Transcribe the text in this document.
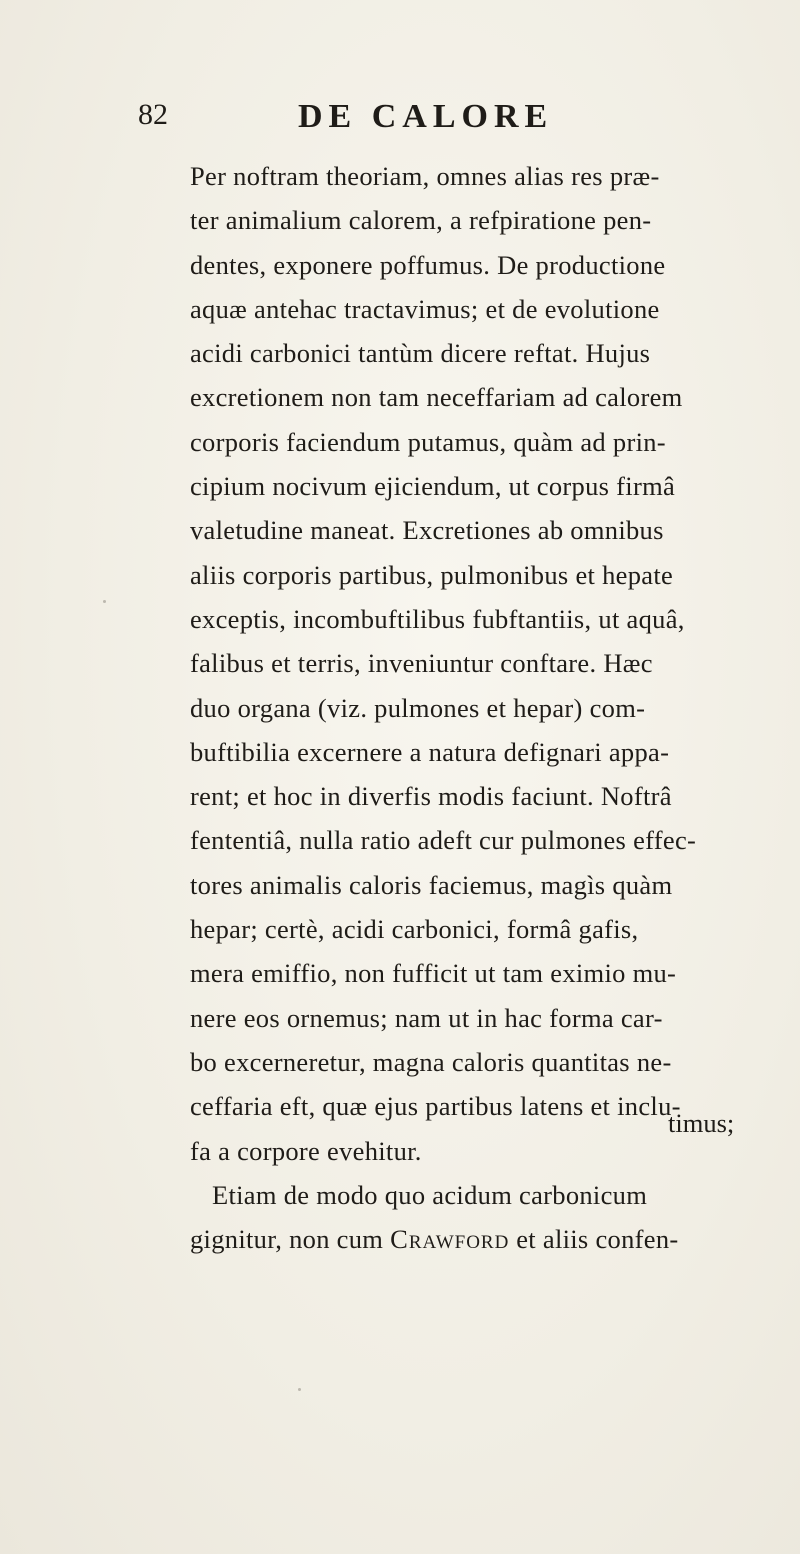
82	DE CALORE
Per noftram theoriam, omnes alias res præ-
ter animalium calorem, a refpiratione pen-
dentes, exponere poffumus. De productione
aquæ antehac tractavimus; et de evolutione
acidi carbonici tantùm dicere reftat. Hujus
excretionem non tam neceffariam ad calorem
corporis faciendum putamus, quàm ad prin-
cipium nocivum ejiciendum, ut corpus firmâ
valetudine maneat. Excretiones ab omnibus
aliis corporis partibus, pulmonibus et hepate
exceptis, incombuftilibus fubftantiis, ut aquâ,
falibus et terris, inveniuntur conftare. Hæc
duo organa (viz. pulmones et hepar) com-
buftibilia excernere a natura defignari appa-
rent; et hoc in diverfis modis faciunt. Noftrâ
fententiâ, nulla ratio adeft cur pulmones effec-
tores animalis caloris faciemus, magìs quàm
hepar; certè, acidi carbonici, formâ gafis,
mera emiffio, non fufficit ut tam eximio mu-
nere eos ornemus; nam ut in hac forma car-
bo excerneretur, magna caloris quantitas ne-
ceffaria eft, quæ ejus partibus latens et inclu-
fa a corpore evehitur.
Etiam de modo quo acidum carbonicum
gignitur, non cum Crawford et aliis confen-
timus;
